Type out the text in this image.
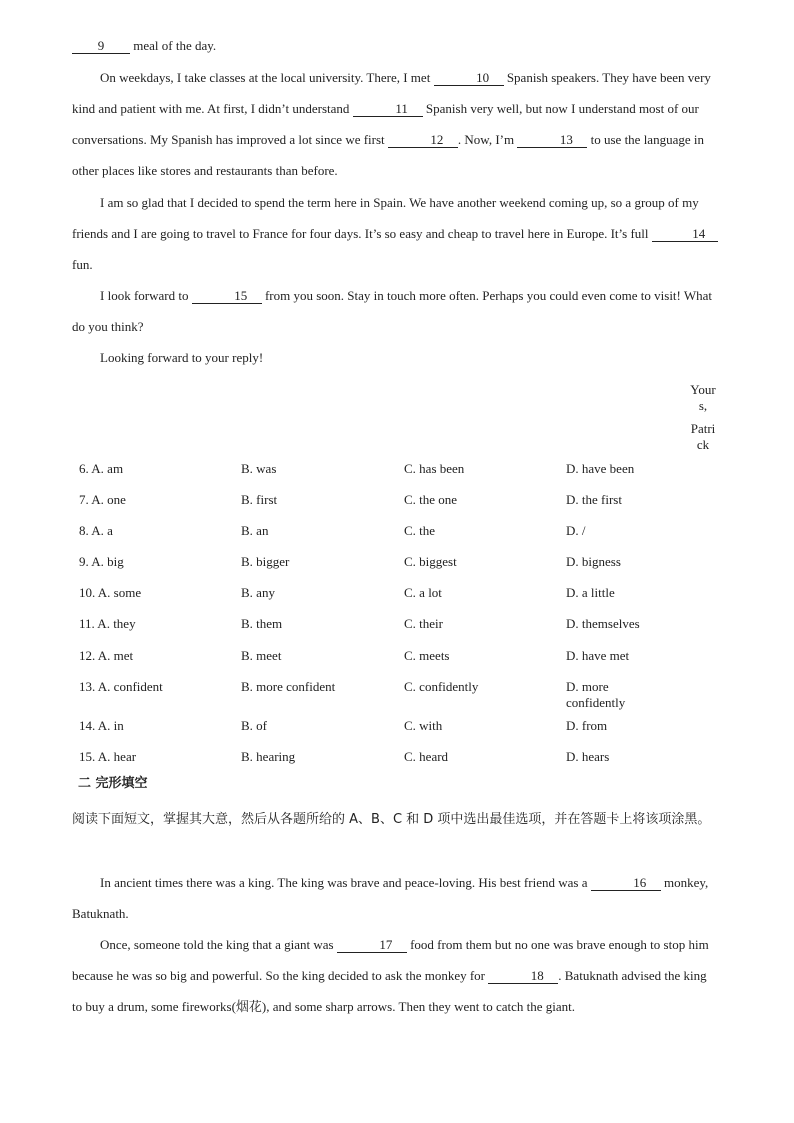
9 meal of the day.

On weekdays, I take classes at the local university. There, I met	10 Spanish speakers. They have been very kind and patient with me. At first, I didn’t understand	11 Spanish very well, but now I understand most of our conversations. My Spanish has improved a lot since we first	12 . Now, I’m	13 to use the language in other places like stores and restaurants than before.

I am so glad that I decided to spend the term here in Spain. We have another weekend coming up, so a group of my friends and I are going to travel to France for four days. It’s so easy and cheap to travel here in Europe. It’s full	14 fun.

I look forward to	15 from you soon. Stay in touch more often. Perhaps you could even come to visit! What do you think?

Looking forward to your reply!

Your
s,
Patri
ck
6. A. am	B. was	C. has been	D. have been
7. A. one	B. first	C. the one	D. the first
8. A. a	B. an	C. the	D. /
9. A. big	B. bigger	C. biggest	D. bigness
10. A. some	B. any	C. a lot	D. a little
11. A. they	B. them	C. their	D. themselves
12. A. met	B. meet	C. meets	D. have met
13. A. confident	B. more confident	C. confidently	D. more confidently
14. A. in	B. of	C. with	D. from
15. A. hear	B. hearing	C. heard	D. hears

二 完形填空

阅读下面短文，掌握其大意，然后从各题所给的 A、B、C 和 D 项中选出最佳选项，并在答题卡上将该项涂黑。

In ancient times there was a king. The king was brave and peace-loving. His best friend was a	16 monkey, Batuknath.

Once, someone told the king that a giant was	17 food from them but no one was brave enough to stop him because he was so big and powerful. So the king decided to ask the monkey for	18 . Batuknath advised the king to buy a drum, some fireworks(烟花), and some sharp arrows. Then they went to catch the giant.
